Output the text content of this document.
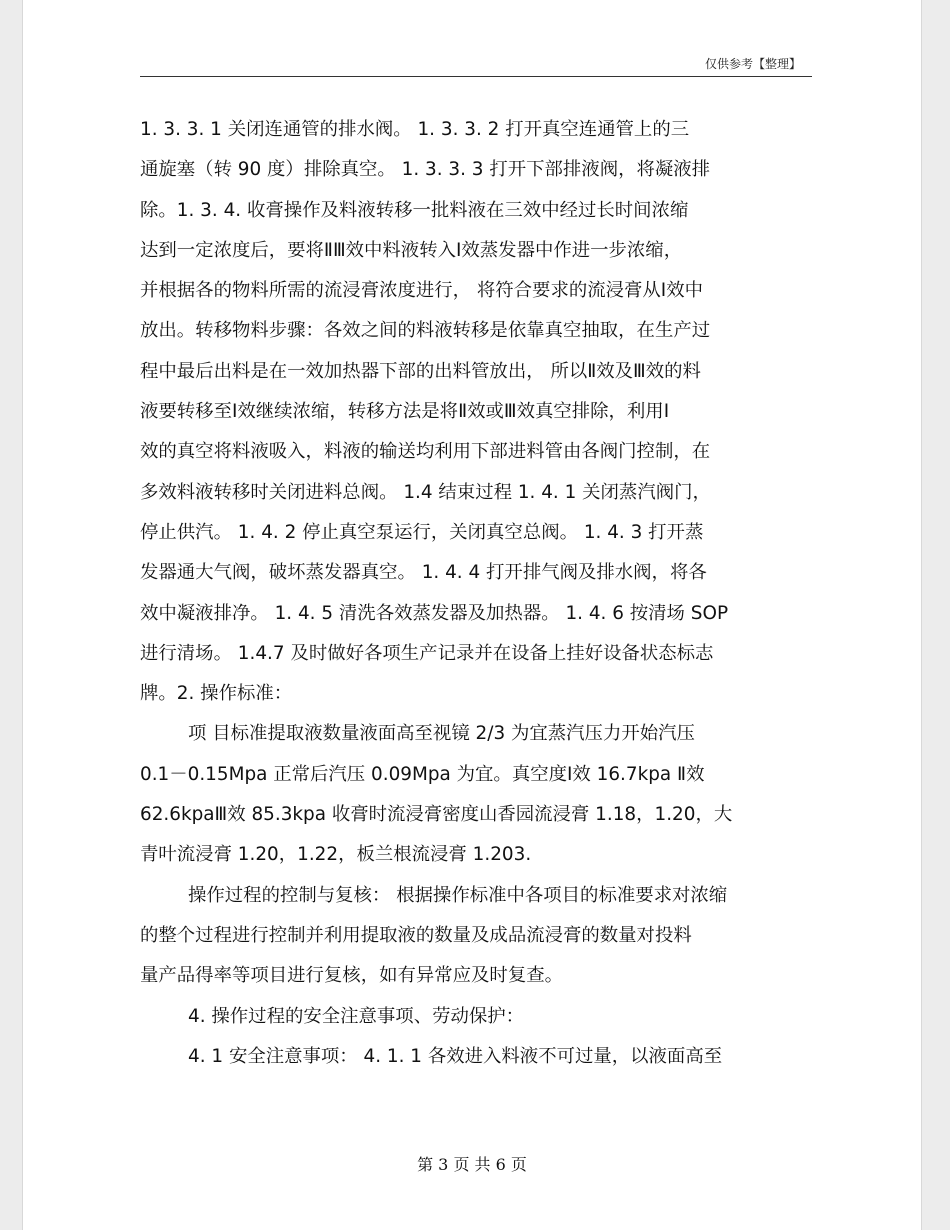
仅供参考【整理】
1. 3. 3. 1 关闭连通管的排水阀。 1. 3. 3. 2 打开真空连通管上的三
通旋塞（转 90 度）排除真空。 1. 3. 3. 3 打开下部排液阀，将凝液排
除。1. 3. 4. 收膏操作及料液转移一批料液在三效中经过长时间浓缩
达到一定浓度后，要将ⅡⅢ效中料液转入Ⅰ效蒸发器中作进一步浓缩，
并根据各的物料所需的流浸膏浓度进行， 将符合要求的流浸膏从Ⅰ效中
放出。转移物料步骤：各效之间的料液转移是依靠真空抽取，在生产过
程中最后出料是在一效加热器下部的出料管放出， 所以Ⅱ效及Ⅲ效的料
液要转移至Ⅰ效继续浓缩，转移方法是将Ⅱ效或Ⅲ效真空排除，利用Ⅰ
效的真空将料液吸入，料液的输送均利用下部进料管由各阀门控制，在
多效料液转移时关闭进料总阀。 1.4 结束过程 1. 4. 1 关闭蒸汽阀门，
停止供汽。 1. 4. 2 停止真空泵运行，关闭真空总阀。 1. 4. 3 打开蒸
发器通大气阀，破坏蒸发器真空。 1. 4. 4 打开排气阀及排水阀，将各
效中凝液排净。 1. 4. 5 清洗各效蒸发器及加热器。 1. 4. 6 按清场 SOP
进行清场。 1.4.7 及时做好各项生产记录并在设备上挂好设备状态标志
牌。2. 操作标准：
项 目标准提取液数量液面高至视镜 2/3 为宜蒸汽压力开始汽压
0.1－0.15Mpa 正常后汽压 0.09Mpa 为宜。真空度Ⅰ效 16.7kpa Ⅱ效
62.6kpaⅢ效 85.3kpa 收膏时流浸膏密度山香园流浸膏 1.18，1.20，大
青叶流浸膏 1.20，1.22，板兰根流浸膏 1.203.
操作过程的控制与复核： 根据操作标准中各项目的标准要求对浓缩
的整个过程进行控制并利用提取液的数量及成品流浸膏的数量对投料
量产品得率等项目进行复核，如有异常应及时复查。
4. 操作过程的安全注意事项、劳动保护：
4. 1 安全注意事项： 4. 1. 1 各效进入料液不可过量，以液面高至
第 3 页 共 6 页
